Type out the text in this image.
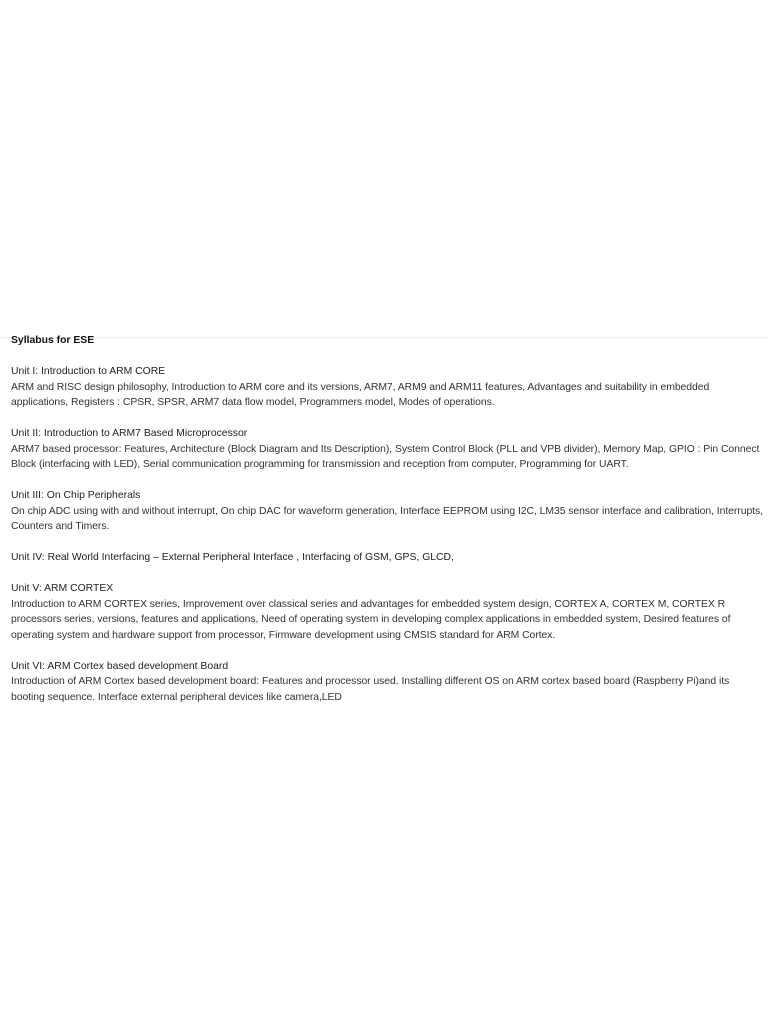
Syllabus for ESE

Unit I: Introduction to ARM CORE

ARM and RISC design philosophy, Introduction to ARM core and its versions, ARM7, ARM9 and ARM11 features, Advantages and suitability in embedded applications, Registers : CPSR, SPSR, ARM7 data flow model, Programmers model, Modes of operations.

Unit II: Introduction to ARM7 Based Microprocessor

ARM7 based processor: Features, Architecture (Block Diagram and Its Description), System Control Block (PLL and VPB divider), Memory Map, GPIO : Pin Connect Block (interfacing with LED), Serial communication programming for transmission and reception from computer, Programming for UART.

Unit III: On Chip Peripherals

On chip ADC using with and without interrupt, On chip DAC for waveform generation, Interface EEPROM using I2C, LM35 sensor interface and calibration, Interrupts, Counters and Timers.

Unit IV: Real World Interfacing – External Peripheral Interface , Interfacing of GSM, GPS, GLCD,

Unit V: ARM CORTEX

Introduction to ARM CORTEX series, Improvement over classical series and advantages for embedded system design, CORTEX A, CORTEX M, CORTEX R processors series, versions, features and applications, Need of operating system in developing complex applications in embedded system, Desired features of operating system and hardware support from processor, Firmware development using CMSIS standard for ARM Cortex.

Unit VI: ARM Cortex based development Board

Introduction of ARM Cortex based development board: Features and processor used. Installing different OS on ARM cortex based board (Raspberry Pi)and its booting sequence. Interface external peripheral devices like camera,LED
